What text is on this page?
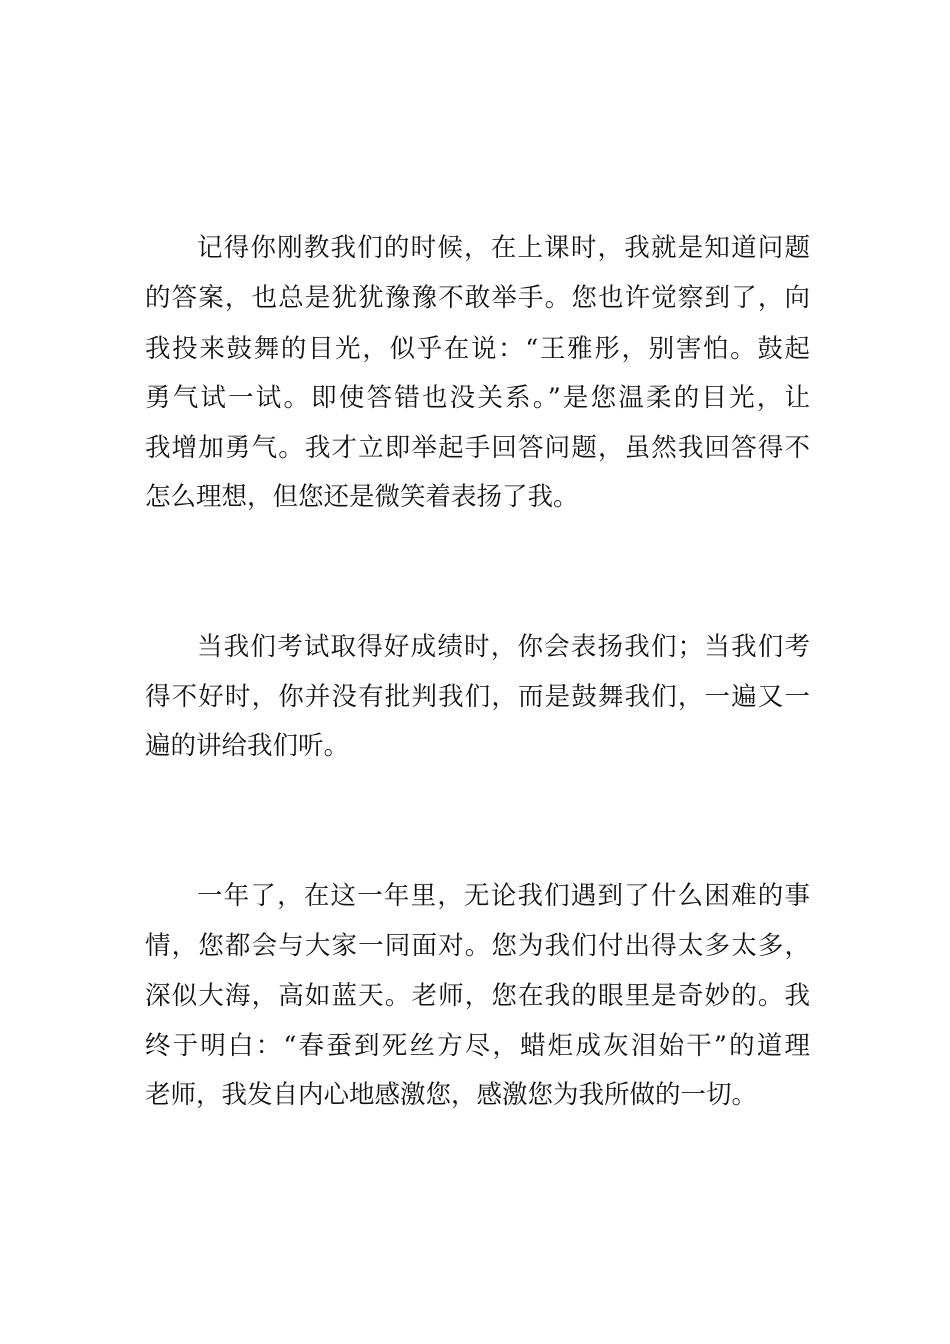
记得你刚教我们的时候，在上课时，我就是知道问题

的答案，也总是犹犹豫豫不敢举手。您也许觉察到了，向

我投来鼓舞的目光，似乎在说：“王雅彤，别害怕。鼓起

勇气试一试。即使答错也没关系。”是您温柔的目光，让

我增加勇气。我才立即举起手回答问题，虽然我回答得不

怎么理想，但您还是微笑着表扬了我。

当我们考试取得好成绩时，你会表扬我们；当我们考

得不好时，你并没有批判我们，而是鼓舞我们，一遍又一

遍的讲给我们听。

一年了，在这一年里，无论我们遇到了什么困难的事

情，您都会与大家一同面对。您为我们付出得太多太多，

深似大海，高如蓝天。老师，您在我的眼里是奇妙的。我

终于明白：“春蚕到死丝方尽，蜡炬成灰泪始干”的道理

老师，我发自内心地感激您，感激您为我所做的一切。
